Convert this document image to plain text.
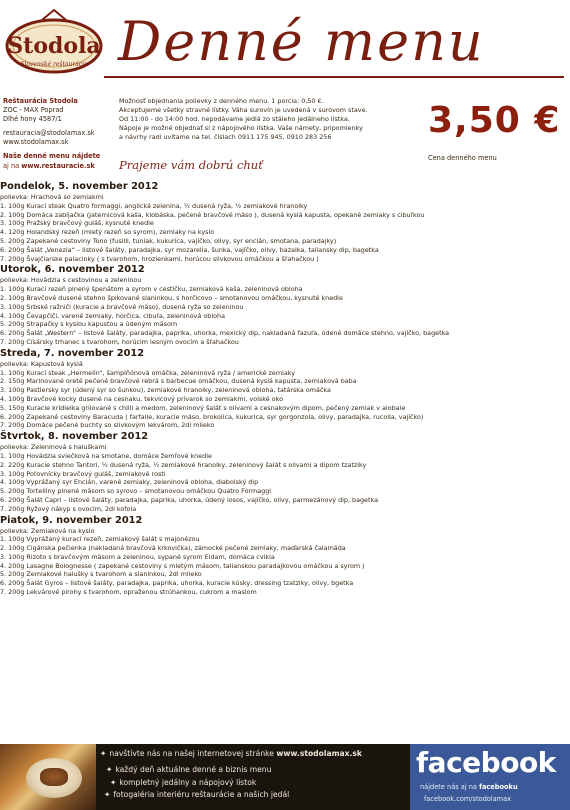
Stodola
Slovenské reštaurácia Denné menu
Reštaurácia Stodola
ZOC - MAX Poprad
Dlhé hony 4587/1
restauracia@stodolamax.sk
www.stodolamax.sk
Naše denné menu nájdete
aj na www.restauracie.sk
Možnosť objednania polievky z denného menu. 1 porcia: 0,50 €.
Akceptujeme všetky stravné lístky. Váha surovín je uvedená v surovom stave.
Od 11:00 - do 14:00 hod. nepodávame jedlá zo stáleho jedálneho lístka.
Nápoje je možné objednať si z nápojového lístka. Vaše námety, pripomienky
a návrhy radi uvítame na tel. číslach 0911 175 945, 0910 283 256
Prajeme vám dobrú chuť
3,50 €
Cena denného menu
Pondelok, 5. november 2012
polievka: Hrachová so zemiakmi
1. 100g Kurací steak Quatro formaggi, anglická zelenina, ½ dusená ryža, ½ zemiakové hranolky
2. 100g Domáca zabíjačka (jaternicová kaša, klobáska, pečené bravčové mäso ), dusená kyslá kapusta, opekané zemiaky s cibuľkou
3. 100g Pražský bravčový guláš, kysnuté knedle
4. 120g Holandský rezeň (mletý rezeň so syrom), zemiaky na kyslo
5. 200g Zapekané cestoviny Tono (fusilli, tuniak, kukurica, vajíčko, olivy, syr encián, smotana, paradajky)
6. 200g Šalát „Venezia“ – listové šaláty, paradajka, syr mozarella, šunka, vajíčko, olivy, bazalka, taliansky dip, bagetka
7. 200g Švajčiarske palacinky ( s tvarohom, hrozienkami, horúcou slivkovou omáčkou a šľahačkou )
Utorok, 6. november 2012
polievka: Hovädzia s cestovinou a zeleninou
1. 100g Kurací rezeň plnený špenátom a syrom v cestíčku, zemiaková kaša, zeleninová obloha
2. 100g Bravčové dusené stehno špikované slaninkou, s horčicovo – smotanovou omáčkou, kysnuté knedle
3. 100g Srbské ražniči (kuracie a bravčové mäso), dusená ryža so zeleninou
4. 100g Čevapčiči, varené zemiaky, horčica, cibuľa, zeleninová obloha
5. 200g Strapačky s kyslou kapustou a údeným mäsom
6. 200g Šalát „Western“ – listové šaláty, paradajka, paprika, uhorka, mexický dip, nakladaná fazuľa, údené domáce stehno, vajíčko, bagetka
7. 200g Císársky trhanec s tvarohom, horúcim lesným ovocím a šľahačkou
Streda, 7. november 2012
polievka: Kapustová kyslá
1. 100g Kurací steak „Hermelín“, šampiňónová omáčka, zeleninová ryža / americké zemiaky
2. 150g Marinované oreté pečené bravčové rebrá s barbecue omáčkou, dusená kyslá kapusta, zemiaková baba
3. 100g Pastiersky syr (údený syr so šunkou), zemiakové hranolky, zeleninová obloha, tatárska omáčka
4. 100g Bravčové kocky dusené na cesnaku, tekvicový prívarok so zemiakmi, volské oko
5. 150g Kuracie krídielka grilované s chilli a medom, zeleninový šalát s olivami a cesnakovým dipom, pečený zemiak v alobale
6. 200g Zapekané cestoviny Baracuda ( farfalle, kuracie mäso, brokolica, kukurica, syr gorgonzola, olivy, paradajka, rucolla, vajíčko)
7. 200g Domáce pečené buchty so slivkovým lekvárom, 2dl mlieko
Štvrtok, 8. november 2012
polievka: Zeleninová s haluškami
1. 100g Hovädzia sviečková na smotane, domáce žemľové knedle
2. 220g Kuracie stehno Tantori, ½ dusená ryža, ½ zemiakové hranolky, zeleninový šalát s olivami a dipom tzatziky
3. 100g Poľovnícky bravčový guláš, zemiakové rosti
4. 100g Vyprážaný syr Encián, varené zemiaky, zeleninová obloha, diabolský dip
5. 200g Tortelliny plnené mäsom so syrovo – smotanovou omáčkou Quatro Formaggi
6. 200g Šalát Capri – listové šaláty, paradajka, paprika, uhorka, údený losos, vajíčko, olivy, parmezánový dip, bagetka
7. 200g Ryžový nákyp s ovocím, 2dl kofola
Piatok, 9. november 2012
polievka: Zemiaková na kyslo
1. 100g Vyprážaný kurací rezeň, zemiakový šalát s majonézou
2. 100g Cigánska pečienka (nakladaná bravčová krkovička), zámocké pečené zemiaky, maďarská čalamáda
3. 100g Rizoto s bravčovým mäsom a zeleninou, sypané syrom Eidam, domáca cvikla
4. 200g Lasagne Bolognesse ( zapekané cestoviny s mletým mäsom, talianskou paradajkovou omáčkou a syrom )
5. 200g Zemiakové halušky s tvarohom a slaninkou, 2dl mlieko
6. 200g Šalát Gyros – listové šaláty, paradajka, paprika, uhorka, kuracie kúsky, dressing tzatziky, olivy, bgetka
7. 200g Lekvárové pirohy s tvarohom, opraženou strúhankou, cukrom a maslom
✦ navštívte nás na našej internetovej stránke www.stodolamax.sk
✦ každý deň aktuálne denné a biznis menu
✦ kompletný jedálny a nápojový lístok
✦ fotogaléria interiéru reštaurácie a našich jedál
facebook
nájdete nás aj na facebooku
facebook.com/stodolamax
